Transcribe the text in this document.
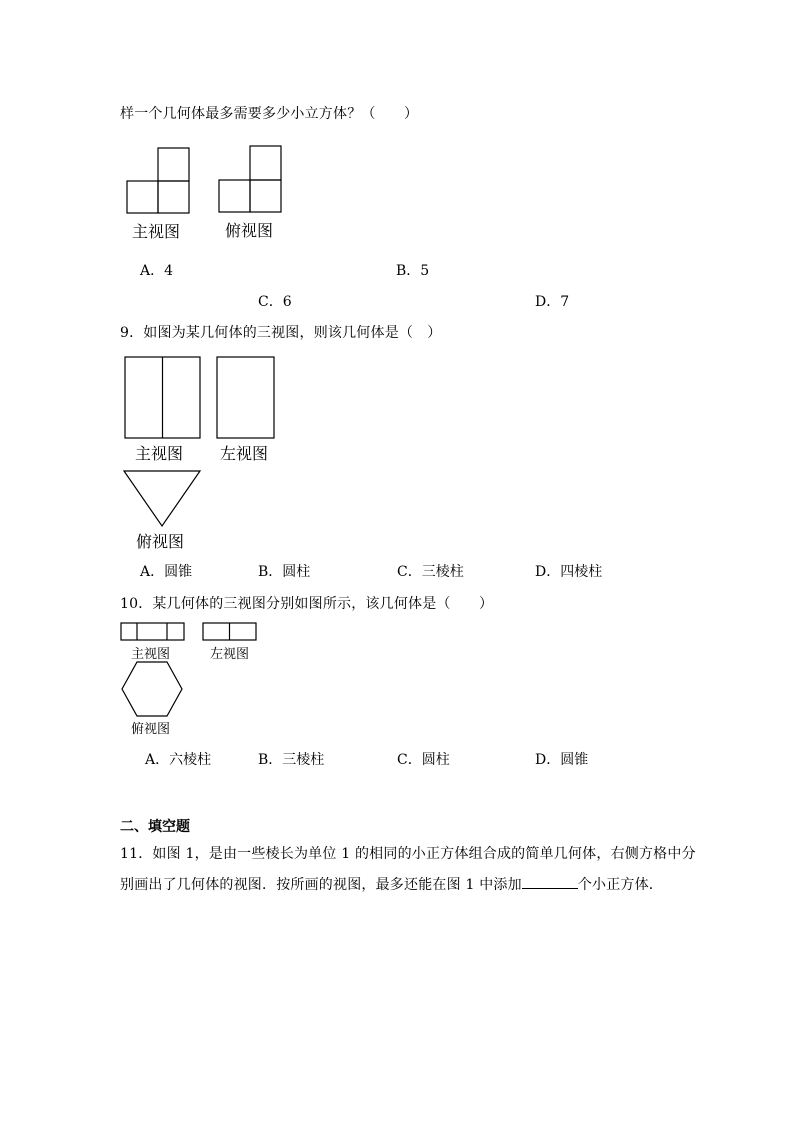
样一个几何体最多需要多少小立方体？（　　）
主视图	俯视图
A．4	B．5
C．6	D．7
9．如图为某几何体的三视图，则该几何体是（　）
主视图 左视图
俯视图
A．圆锥	B．圆柱	C．三棱柱	D．四棱柱
10．某几何体的三视图分别如图所示，该几何体是（　　）
主视图	左视图
俯视图
A．六棱柱	B．三棱柱	C．圆柱	D．圆锥
二、填空题
11．如图 1，是由一些棱长为单位 1 的相同的小正方体组合成的简单几何体，右侧方格中分
别画出了几何体的视图．按所画的视图，最多还能在图 1 中添加	个小正方体．
